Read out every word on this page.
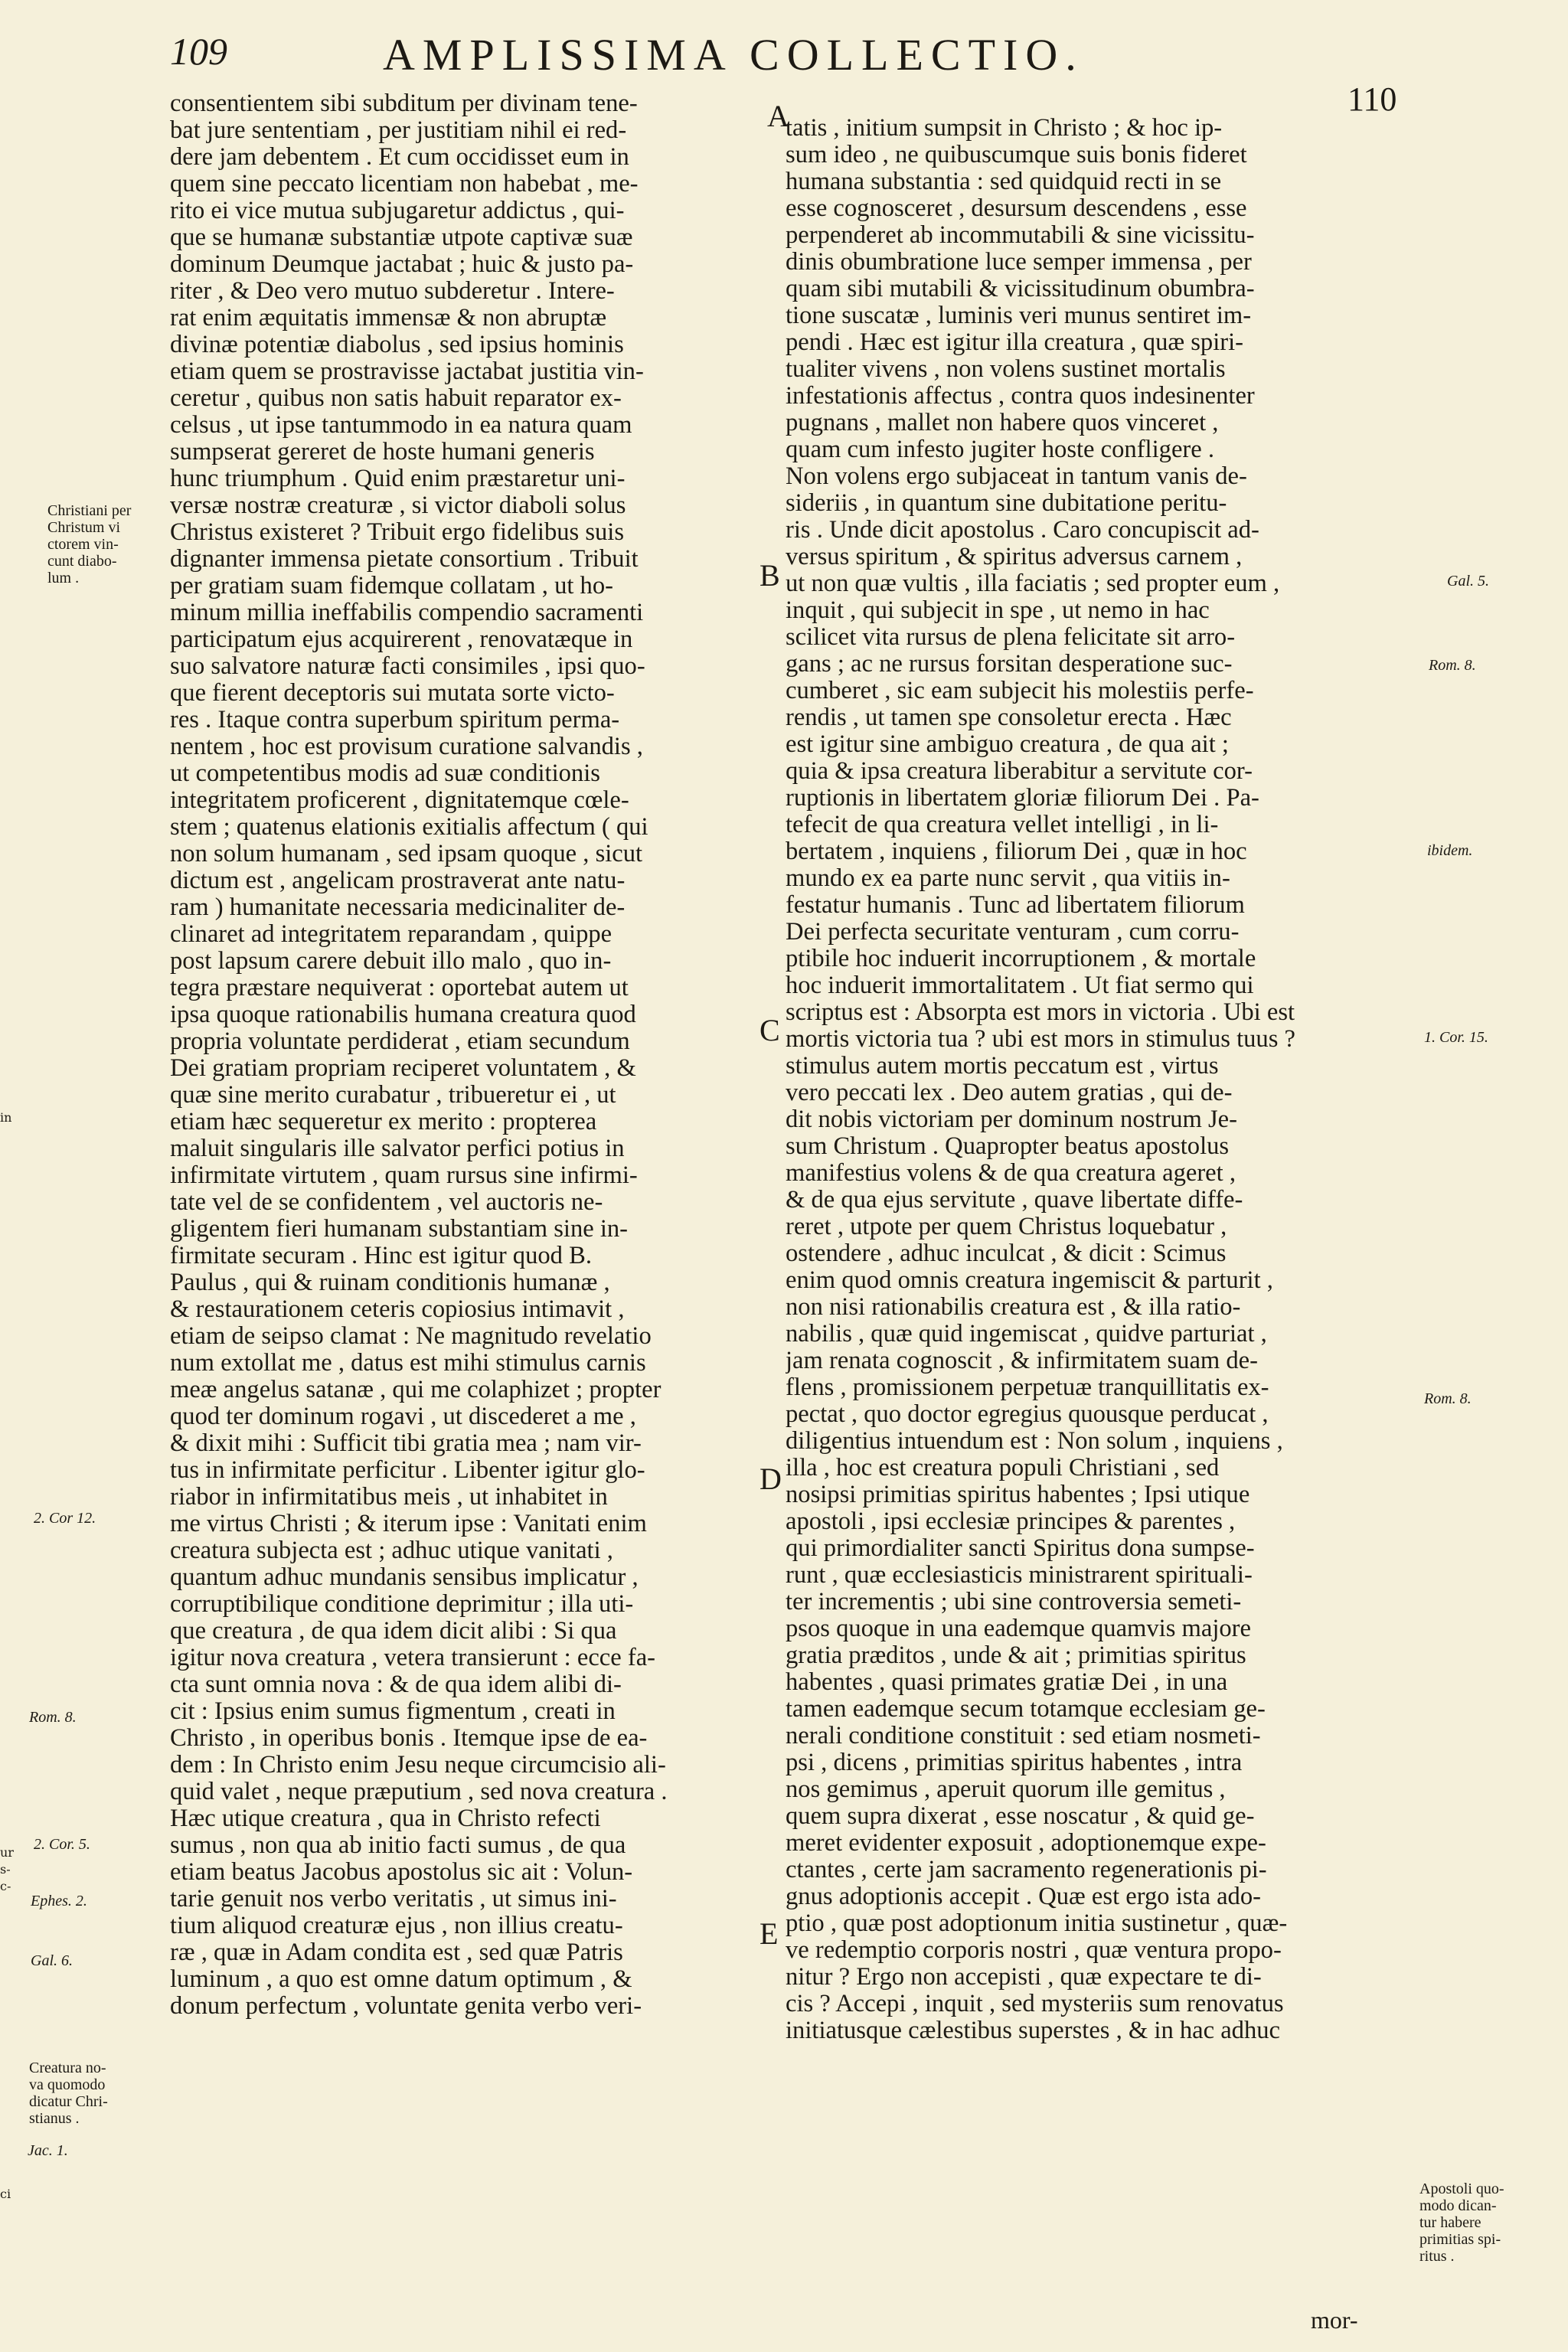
109	AMPLISSIMA COLLECTIO.
110
consentientem sibi subditum per divinam tene-
bat jure sententiam , per justitiam nihil ei red-
dere jam debentem . Et cum occidisset eum in
quem sine peccato licentiam non habebat , me-
rito ei vice mutua subjugaretur addictus , qui-
que se humanæ substantiæ utpote captivæ suæ
dominum Deumque jactabat ; huic & justo pa-
riter , & Deo vero mutuo subderetur . Intere-
rat enim æquitatis immensæ & non abruptæ
divinæ potentiæ diabolus , sed ipsius hominis
etiam quem se prostravisse jactabat justitia vin-
ceretur , quibus non satis habuit reparator ex-
celsus , ut ipse tantummodo in ea natura quam
sumpserat gereret de hoste humani generis
hunc triumphum . Quid enim præstaretur uni-
versæ nostræ creaturæ , si victor diaboli solus
Christus existeret ? Tribuit ergo fidelibus suis
dignanter immensa pietate consortium . Tribuit
per gratiam suam fidemque collatam , ut ho-
minum millia ineffabilis compendio sacramenti
participatum ejus acquirerent , renovatæque in
suo salvatore naturæ facti consimiles , ipsi quo-
que fierent deceptoris sui mutata sorte victo-
res . Itaque contra superbum spiritum perma-
nentem , hoc est provisum curatione salvandis ,
ut competentibus modis ad suæ conditionis
integritatem proficerent , dignitatemque cœle-
stem ; quatenus elationis exitialis affectum ( qui
non solum humanam , sed ipsam quoque , sicut
dictum est , angelicam prostraverat ante natu-
ram ) humanitate necessaria medicinaliter de-
clinaret ad integritatem reparandam , quippe
post lapsum carere debuit illo malo , quo in-
tegra præstare nequiverat : oportebat autem ut
ipsa quoque rationabilis humana creatura quod
propria voluntate perdiderat , etiam secundum
Dei gratiam propriam reciperet voluntatem , &
quæ sine merito curabatur , tribueretur ei , ut
etiam hæc sequeretur ex merito : propterea
maluit singularis ille salvator perfici potius in
infirmitate virtutem , quam rursus sine infirmi-
tate vel de se confidentem , vel auctoris ne-
gligentem fieri humanam substantiam sine in-
firmitate securam . Hinc est igitur quod B.
Paulus , qui & ruinam conditionis humanæ ,
& restaurationem ceteris copiosius intimavit ,
etiam de seipso clamat : Ne magnitudo revelatio
num extollat me , datus est mihi stimulus carnis
meæ angelus satanæ , qui me colaphizet ; propter
quod ter dominum rogavi , ut discederet a me ,
& dixit mihi : Sufficit tibi gratia mea ; nam vir-
tus in infirmitate perficitur . Libenter igitur glo-
riabor in infirmitatibus meis , ut inhabitet in
me virtus Christi ; & iterum ipse : Vanitati enim
creatura subjecta est ; adhuc utique vanitati ,
quantum adhuc mundanis sensibus implicatur ,
corruptibilique conditione deprimitur ; illa uti-
que creatura , de qua idem dicit alibi : Si qua
igitur nova creatura , vetera transierunt : ecce fa-
cta sunt omnia nova : & de qua idem alibi di-
cit : Ipsius enim sumus figmentum , creati in
Christo , in operibus bonis . Itemque ipse de ea-
dem : In Christo enim Jesu neque circumcisio ali-
quid valet , neque præputium , sed nova creatura .
Hæc utique creatura , qua in Christo refecti
sumus , non qua ab initio facti sumus , de qua
etiam beatus Jacobus apostolus sic ait : Volun-
tarie genuit nos verbo veritatis , ut simus ini-
tium aliquod creaturæ ejus , non illius creatu-
ræ , quæ in Adam condita est , sed quæ Patris
luminum , a quo est omne datum optimum , &
donum perfectum , voluntate genita verbo veri-
tatis , initium sumpsit in Christo ; & hoc ip-
sum ideo , ne quibuscumque suis bonis fideret
humana substantia : sed quidquid recti in se
esse cognosceret , desursum descendens , esse
perpenderet ab incommutabili & sine vicissitu-
dinis obumbratione luce semper immensa , per
quam sibi mutabili & vicissitudinum obumbra-
tione suscatæ , luminis veri munus sentiret im-
pendi . Hæc est igitur illa creatura , quæ spiri-
tualiter vivens , non volens sustinet mortalis
infestationis affectus , contra quos indesinenter
pugnans , mallet non habere quos vinceret ,
quam cum infesto jugiter hoste confligere .
Non volens ergo subjaceat in tantum vanis de-
sideriis , in quantum sine dubitatione peritu-
ris . Unde dicit apostolus . Caro concupiscit ad-
versus spiritum , & spiritus adversus carnem ,
ut non quæ vultis , illa faciatis ; sed propter eum ,
inquit , qui subjecit in spe , ut nemo in hac
scilicet vita rursus de plena felicitate sit arro-
gans ; ac ne rursus forsitan desperatione suc-
cumberet , sic eam subjecit his molestiis perfe-
rendis , ut tamen spe consoletur erecta . Hæc
est igitur sine ambiguo creatura , de qua ait ;
quia & ipsa creatura liberabitur a servitute cor-
ruptionis in libertatem gloriæ filiorum Dei . Pa-
tefecit de qua creatura vellet intelligi , in li-
bertatem , inquiens , filiorum Dei , quæ in hoc
mundo ex ea parte nunc servit , qua vitiis in-
festatur humanis . Tunc ad libertatem filiorum
Dei perfecta securitate venturam , cum corru-
ptibile hoc induerit incorruptionem , & mortale
hoc induerit immortalitatem . Ut fiat sermo qui
scriptus est : Absorpta est mors in victoria . Ubi est
mortis victoria tua ? ubi est mors in stimulus tuus ?
stimulus autem mortis peccatum est , virtus
vero peccati lex . Deo autem gratias , qui de-
dit nobis victoriam per dominum nostrum Je-
sum Christum . Quapropter beatus apostolus
manifestius volens & de qua creatura ageret ,
& de qua ejus servitute , quave libertate diffe-
reret , utpote per quem Christus loquebatur ,
ostendere , adhuc inculcat , & dicit : Scimus
enim quod omnis creatura ingemiscit & parturit ,
non nisi rationabilis creatura est , & illa ratio-
nabilis , quæ quid ingemiscat , quidve parturiat ,
jam renata cognoscit , & infirmitatem suam de-
flens , promissionem perpetuæ tranquillitatis ex-
pectat , quo doctor egregius quousque perducat ,
diligentius intuendum est : Non solum , inquiens ,
illa , hoc est creatura populi Christiani , sed
nosipsi primitias spiritus habentes ; Ipsi utique
apostoli , ipsi ecclesiæ principes & parentes ,
qui primordialiter sancti Spiritus dona sumpse-
runt , quæ ecclesiasticis ministrarent spirituali-
ter incrementis ; ubi sine controversia semeti-
psos quoque in una eademque quamvis majore
gratia præditos , unde & ait ; primitias spiritus
habentes , quasi primates gratiæ Dei , in una
tamen eademque secum totamque ecclesiam ge-
nerali conditione constituit : sed etiam nosmeti-
psi , dicens , primitias spiritus habentes , intra
nos gemimus , aperuit quorum ille gemitus ,
quem supra dixerat , esse noscatur , & quid ge-
meret evidenter exposuit , adoptionemque expe-
ctantes , certe jam sacramento regenerationis pi-
gnus adoptionis accepit . Quæ est ergo ista ado-
ptio , quæ post adoptionum initia sustinetur , quæ-
ve redemptio corporis nostri , quæ ventura propo-
nitur ? Ergo non accepisti , quæ expectare te di-
cis ? Accepi , inquit , sed mysteriis sum renovatus
initiatusque cælestibus superstes , & in hac adhuc
A
B
C
D
E
Christiani per
Christum vi
ctorem vin-
cunt diabo-
lum .
2. Cor 12.
Rom. 8.
2. Cor. 5.
Ephes. 2.
Gal. 6.
Creatura no-
va quomodo
dicatur Chri-
stianus .
Jac. 1.
Gal. 5.
Rom. 8.
ibidem.
1. Cor. 15.
Rom. 8.
Apostoli quo-
modo dican-
tur habere
primitias spi-
ritus .
in
ur
s-
c-
ci
mor-
